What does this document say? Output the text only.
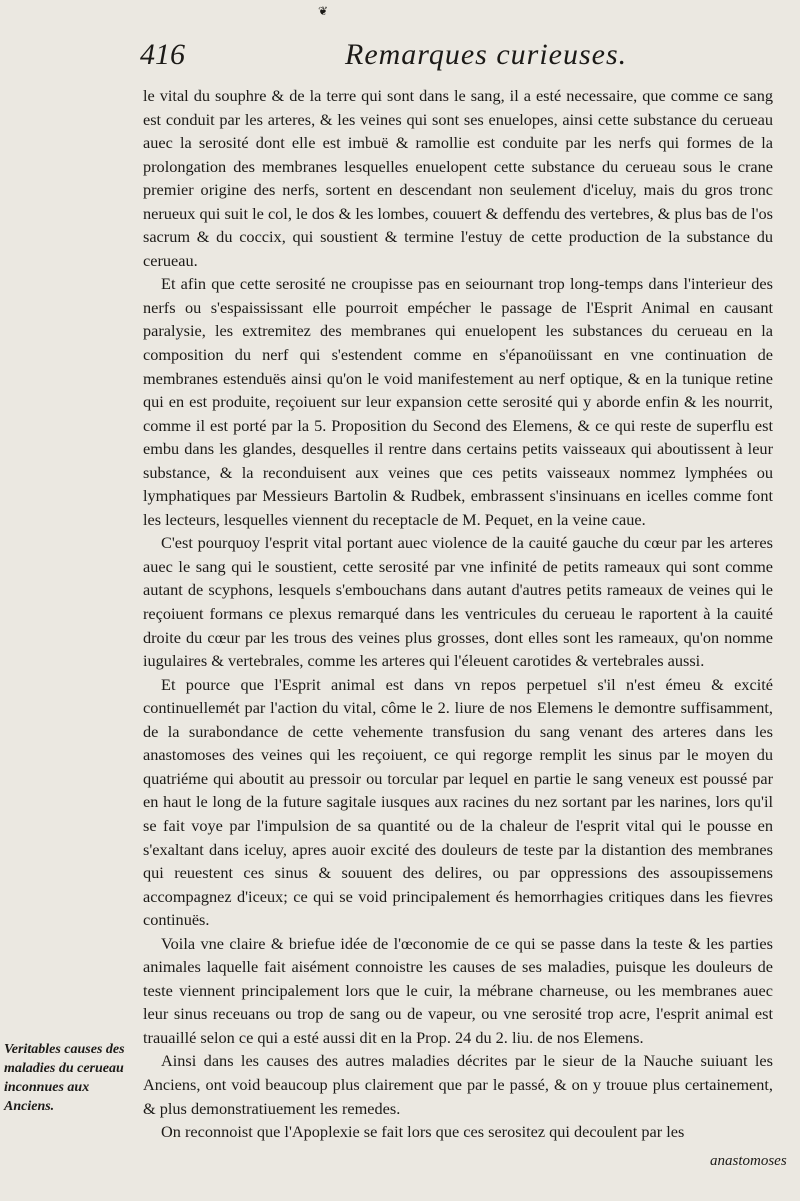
❦
416	Remarques curieuses.

le vital du souphre & de la terre qui sont dans le sang, il a esté necessaire, que comme ce sang est conduit par les arteres, & les veines qui sont ses enuelopes, ainsi cette substance du cerueau auec la serosité dont elle est imbuë & ramollie est conduite par les nerfs qui formes de la prolongation des membranes lesquelles enuelopent cette substance du cerueau sous le crane premier origine des nerfs, sortent en descendant non seulement d'iceluy, mais du gros tronc nerueux qui suit le col, le dos & les lombes, couuert & deffendu des vertebres, & plus bas de l'os sacrum & du coccix, qui soustient & termine l'estuy de cette production de la substance du cerueau.

Et afin que cette serosité ne croupisse pas en seiournant trop long-temps dans l'interieur des nerfs ou s'espaississant elle pourroit empécher le passage de l'Esprit Animal en causant paralysie, les extremitez des membranes qui enuelopent les substances du cerueau en la composition du nerf qui s'estendent comme en s'épanoüissant en vne continuation de membranes estenduës ainsi qu'on le void manifestement au nerf optique, & en la tunique retine qui en est produite, reçoiuent sur leur expansion cette serosité qui y aborde enfin & les nourrit, comme il est porté par la 5. Proposition du Second des Elemens, & ce qui reste de superflu est embu dans les glandes, desquelles il rentre dans certains petits vaisseaux qui aboutissent à leur substance, & la reconduisent aux veines que ces petits vaisseaux nommez lymphées ou lymphatiques par Messieurs Bartolin & Rudbek, embrassent s'insinuans en icelles comme font les lecteurs, lesquelles viennent du receptacle de M. Pequet, en la veine caue.

C'est pourquoy l'esprit vital portant auec violence de la cauité gauche du cœur par les arteres auec le sang qui le soustient, cette serosité par vne infinité de petits rameaux qui sont comme autant de scyphons, lesquels s'embouchans dans autant d'autres petits rameaux de veines qui le reçoiuent formans ce plexus remarqué dans les ventricules du cerueau le raportent à la cauité droite du cœur par les trous des veines plus grosses, dont elles sont les rameaux, qu'on nomme iugulaires & vertebrales, comme les arteres qui l'éleuent carotides & vertebrales aussi.

Et pource que l'Esprit animal est dans vn repos perpetuel s'il n'est émeu & excité continuellemét par l'action du vital, côme le 2. liure de nos Elemens le demontre suffisamment, de la surabondance de cette vehemente transfusion du sang venant des arteres dans les anastomoses des veines qui les reçoiuent, ce qui regorge remplit les sinus par le moyen du quatriéme qui aboutit au pressoir ou torcular par lequel en partie le sang veneux est poussé par en haut le long de la future sagitale iusques aux racines du nez sortant par les narines, lors qu'il se fait voye par l'impulsion de sa quantité ou de la chaleur de l'esprit vital qui le pousse en s'exaltant dans iceluy, apres auoir excité des douleurs de teste par la distantion des membranes qui reuestent ces sinus & souuent des delires, ou par oppressions des assoupissemens accompagnez d'iceux; ce qui se void principalement és hemorrhagies critiques dans les fievres continuës.

Voila vne claire & briefue idée de l'œconomie de ce qui se passe dans la teste & les parties animales laquelle fait aisément connoistre les causes de ses maladies, puisque les douleurs de teste viennent principalement lors que le cuir, la mébrane charneuse, ou les membranes auec leur sinus receuans ou trop de sang ou de vapeur, ou vne serosité trop acre, l'esprit animal est trauaillé selon ce qui a esté aussi dit en la Prop. 24 du 2. liu. de nos Elemens.

Ainsi dans les causes des autres maladies décrites par le sieur de la Nauche suiuant les Anciens, ont void beaucoup plus clairement que par le passé, & on y trouue plus certainement, & plus demonstratiuement les remedes.

On reconnoist que l'Apoplexie se fait lors que ces serositez qui decoulent par les

Veritables causes des maladies du cerueau inconnues aux Anciens.
anastomoses
